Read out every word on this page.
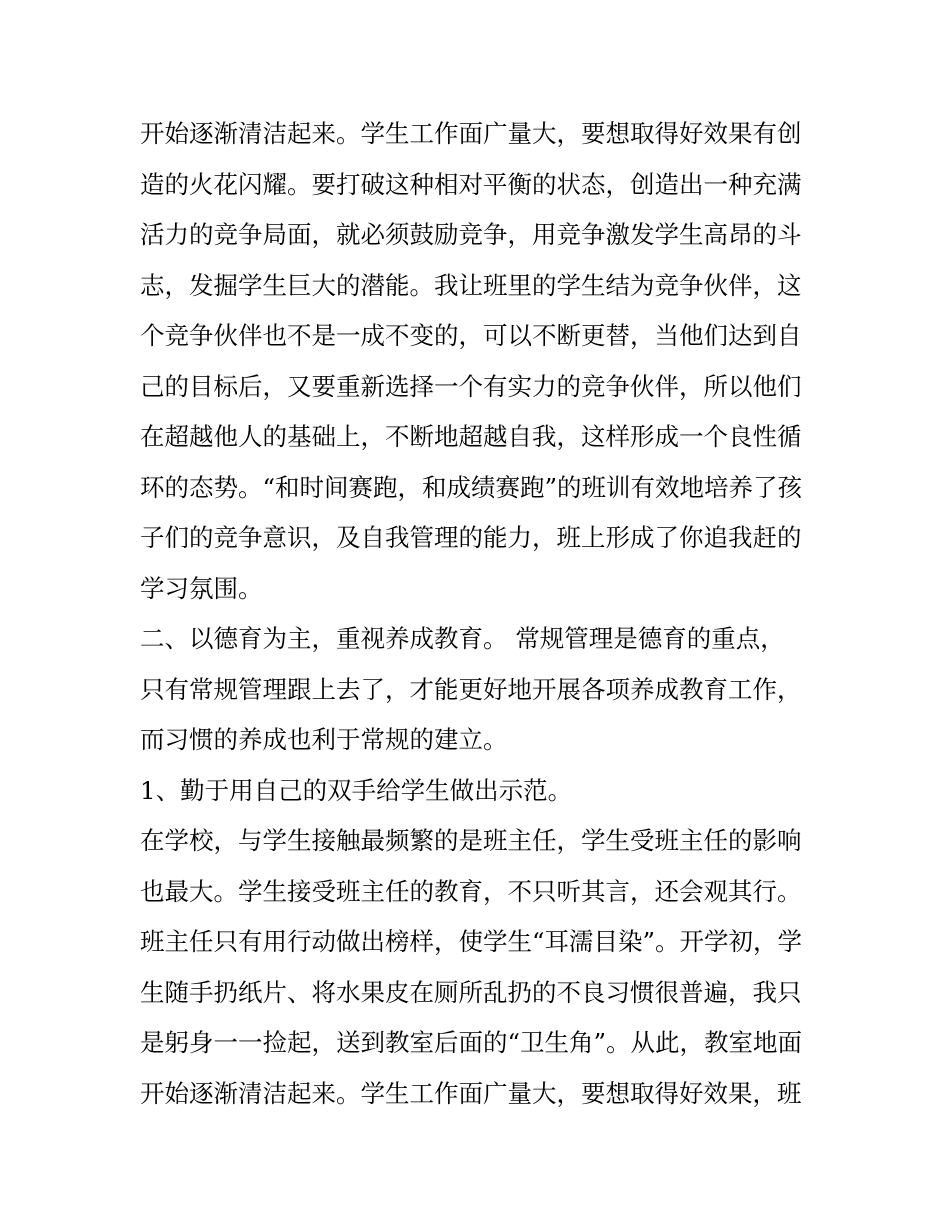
开始逐渐清洁起来。学生工作面广量大，要想取得好效果有创
造的火花闪耀。要打破这种相对平衡的状态，创造出一种充满
活力的竞争局面，就必须鼓励竞争，用竞争激发学生高昂的斗
志，发掘学生巨大的潜能。我让班里的学生结为竞争伙伴，这
个竞争伙伴也不是一成不变的，可以不断更替，当他们达到自
己的目标后，又要重新选择一个有实力的竞争伙伴，所以他们
在超越他人的基础上，不断地超越自我，这样形成一个良性循
环的态势。“和时间赛跑，和成绩赛跑”的班训有效地培养了孩
子们的竞争意识，及自我管理的能力，班上形成了你追我赶的
学习氛围。
二、以德育为主，重视养成教育。 常规管理是德育的重点，
只有常规管理跟上去了，才能更好地开展各项养成教育工作，
而习惯的养成也利于常规的建立。
1、勤于用自己的双手给学生做出示范。
在学校，与学生接触最频繁的是班主任，学生受班主任的影响
也最大。学生接受班主任的教育，不只听其言，还会观其行。
班主任只有用行动做出榜样，使学生“耳濡目染”。开学初，学
生随手扔纸片、将水果皮在厕所乱扔的不良习惯很普遍，我只
是躬身一一捡起，送到教室后面的“卫生角”。从此，教室地面
开始逐渐清洁起来。学生工作面广量大，要想取得好效果，班
